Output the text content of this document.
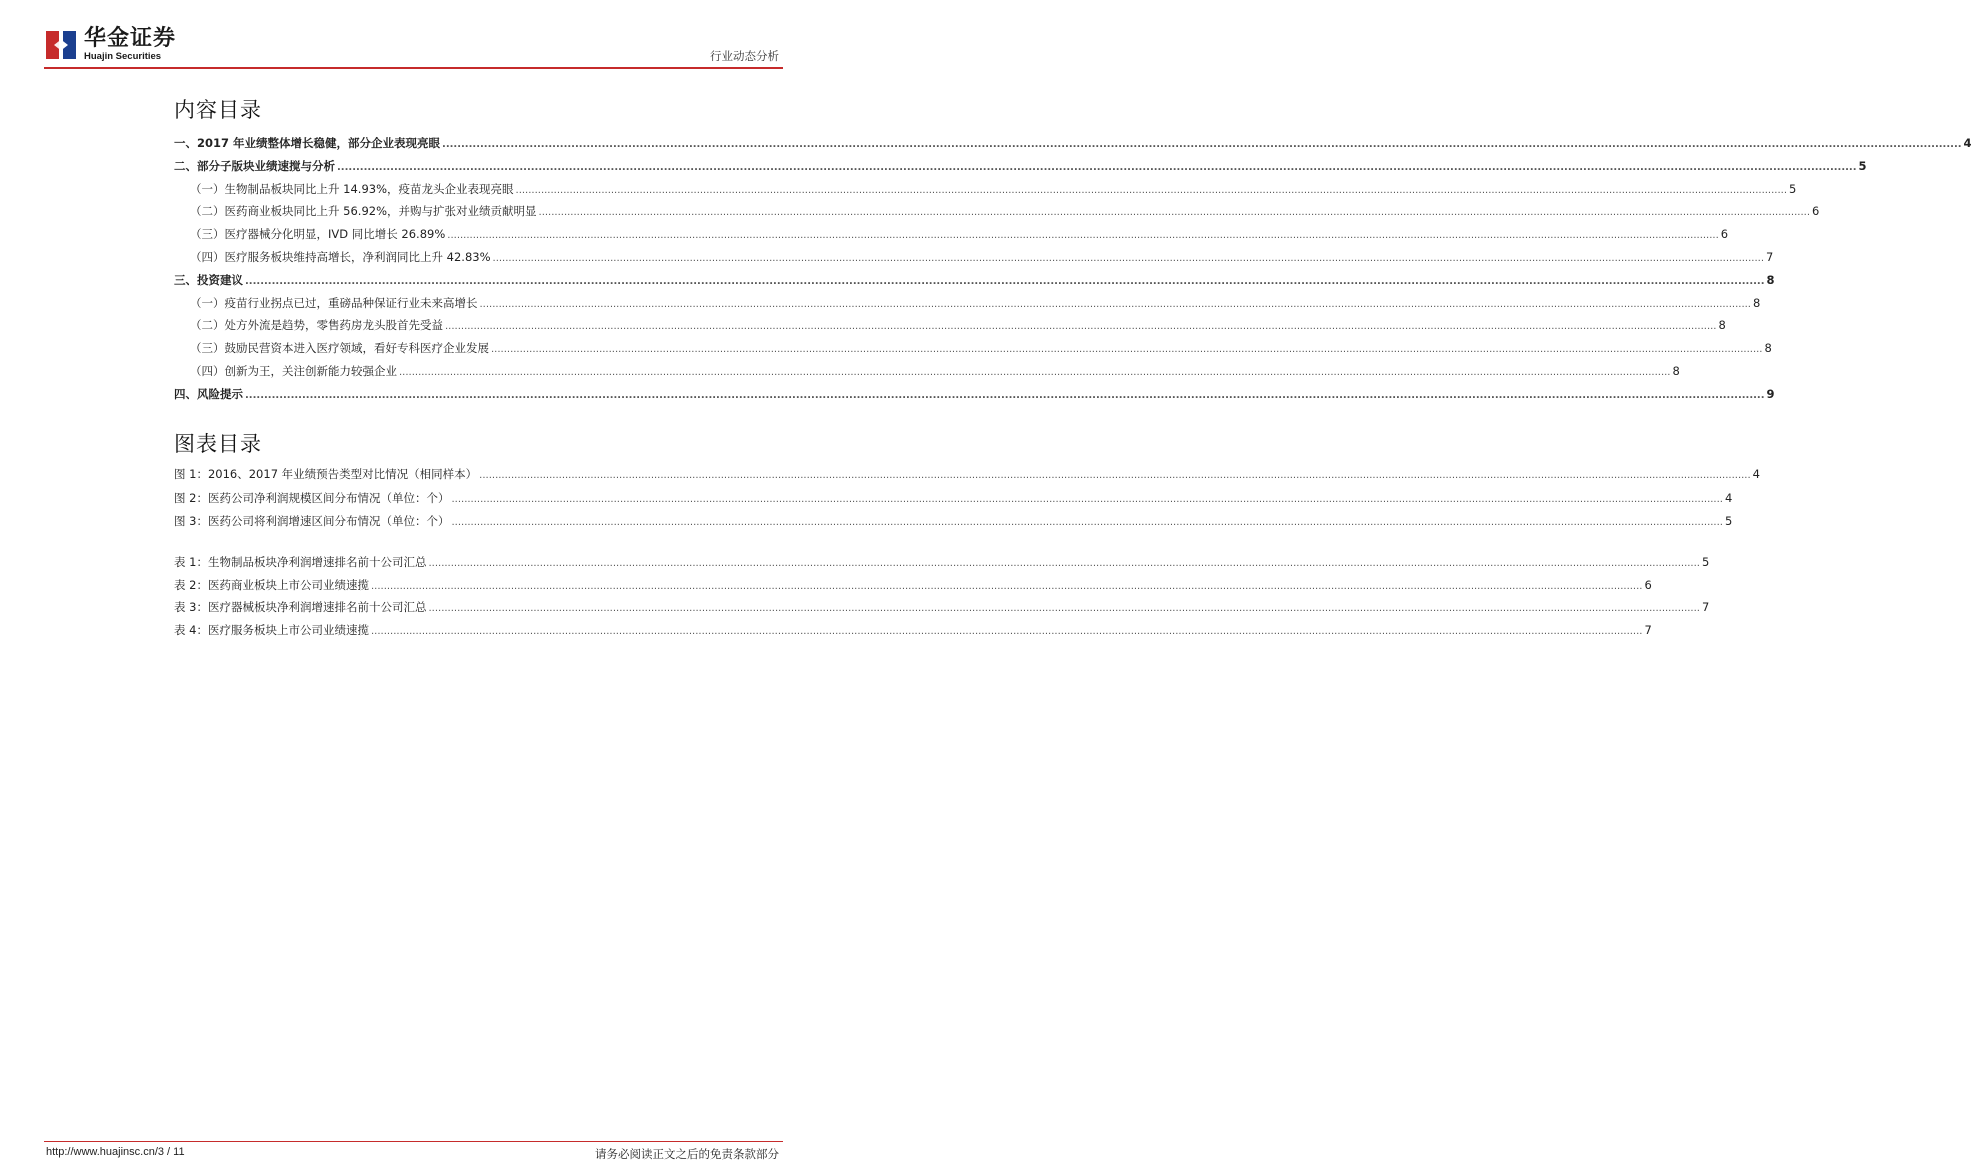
华金证券
Huajin Securities	行业动态分析
内容目录
一、2017 年业绩整体增长稳健，部分企业表现亮眼 ................................................................................................................................................................................................................................................................................................................................................................................................................ 4
二、部分子版块业绩速搅与分析 ................................................................................................................................................................................................................................................................................................................................................................................................................ 5
（一）生物制品板块同比上升 14.93%，疫苗龙头企业表现亮眼 ................................................................................................................................................................................................................................................................................................................................................................................................................ 5
（二）医药商业板块同比上升 56.92%，并购与扩张对业绩贡献明显 ................................................................................................................................................................................................................................................................................................................................................................................................................ 6
（三）医疗器械分化明显，IVD 同比增长 26.89% ................................................................................................................................................................................................................................................................................................................................................................................................................ 6
（四）医疗服务板块维持高增长，净利润同比上升 42.83% ................................................................................................................................................................................................................................................................................................................................................................................................................ 7
三、投资建议 ................................................................................................................................................................................................................................................................................................................................................................................................................ 8
（一）疫苗行业拐点已过，重磅品种保证行业未来高增长 ................................................................................................................................................................................................................................................................................................................................................................................................................ 8
（二）处方外流是趋势，零售药房龙头股首先受益 ................................................................................................................................................................................................................................................................................................................................................................................................................ 8
（三）鼓励民营资本进入医疗领域，看好专科医疗企业发展 ................................................................................................................................................................................................................................................................................................................................................................................................................ 8
（四）创新为王，关注创新能力较强企业 ................................................................................................................................................................................................................................................................................................................................................................................................................ 8
四、风险提示 ................................................................................................................................................................................................................................................................................................................................................................................................................ 9
图表目录
图 1：2016、2017 年业绩预告类型对比情况（相同样本） ................................................................................................................................................................................................................................................................................................................................................................................................................ 4
图 2：医药公司净利润规模区间分布情况（单位：个） ................................................................................................................................................................................................................................................................................................................................................................................................................ 4
图 3：医药公司将利润增速区间分布情况（单位：个） ................................................................................................................................................................................................................................................................................................................................................................................................................ 5
表 1：生物制品板块净利润增速排名前十公司汇总 ................................................................................................................................................................................................................................................................................................................................................................................................................ 5
表 2：医药商业板块上市公司业绩速揽 ................................................................................................................................................................................................................................................................................................................................................................................................................ 6
表 3：医疗器械板块净利润增速排名前十公司汇总 ................................................................................................................................................................................................................................................................................................................................................................................................................ 7
表 4：医疗服务板块上市公司业绩速揽 ................................................................................................................................................................................................................................................................................................................................................................................................................ 7
http://www.huajinsc.cn/3 / 11	请务必阅读正文之后的免责条款部分
